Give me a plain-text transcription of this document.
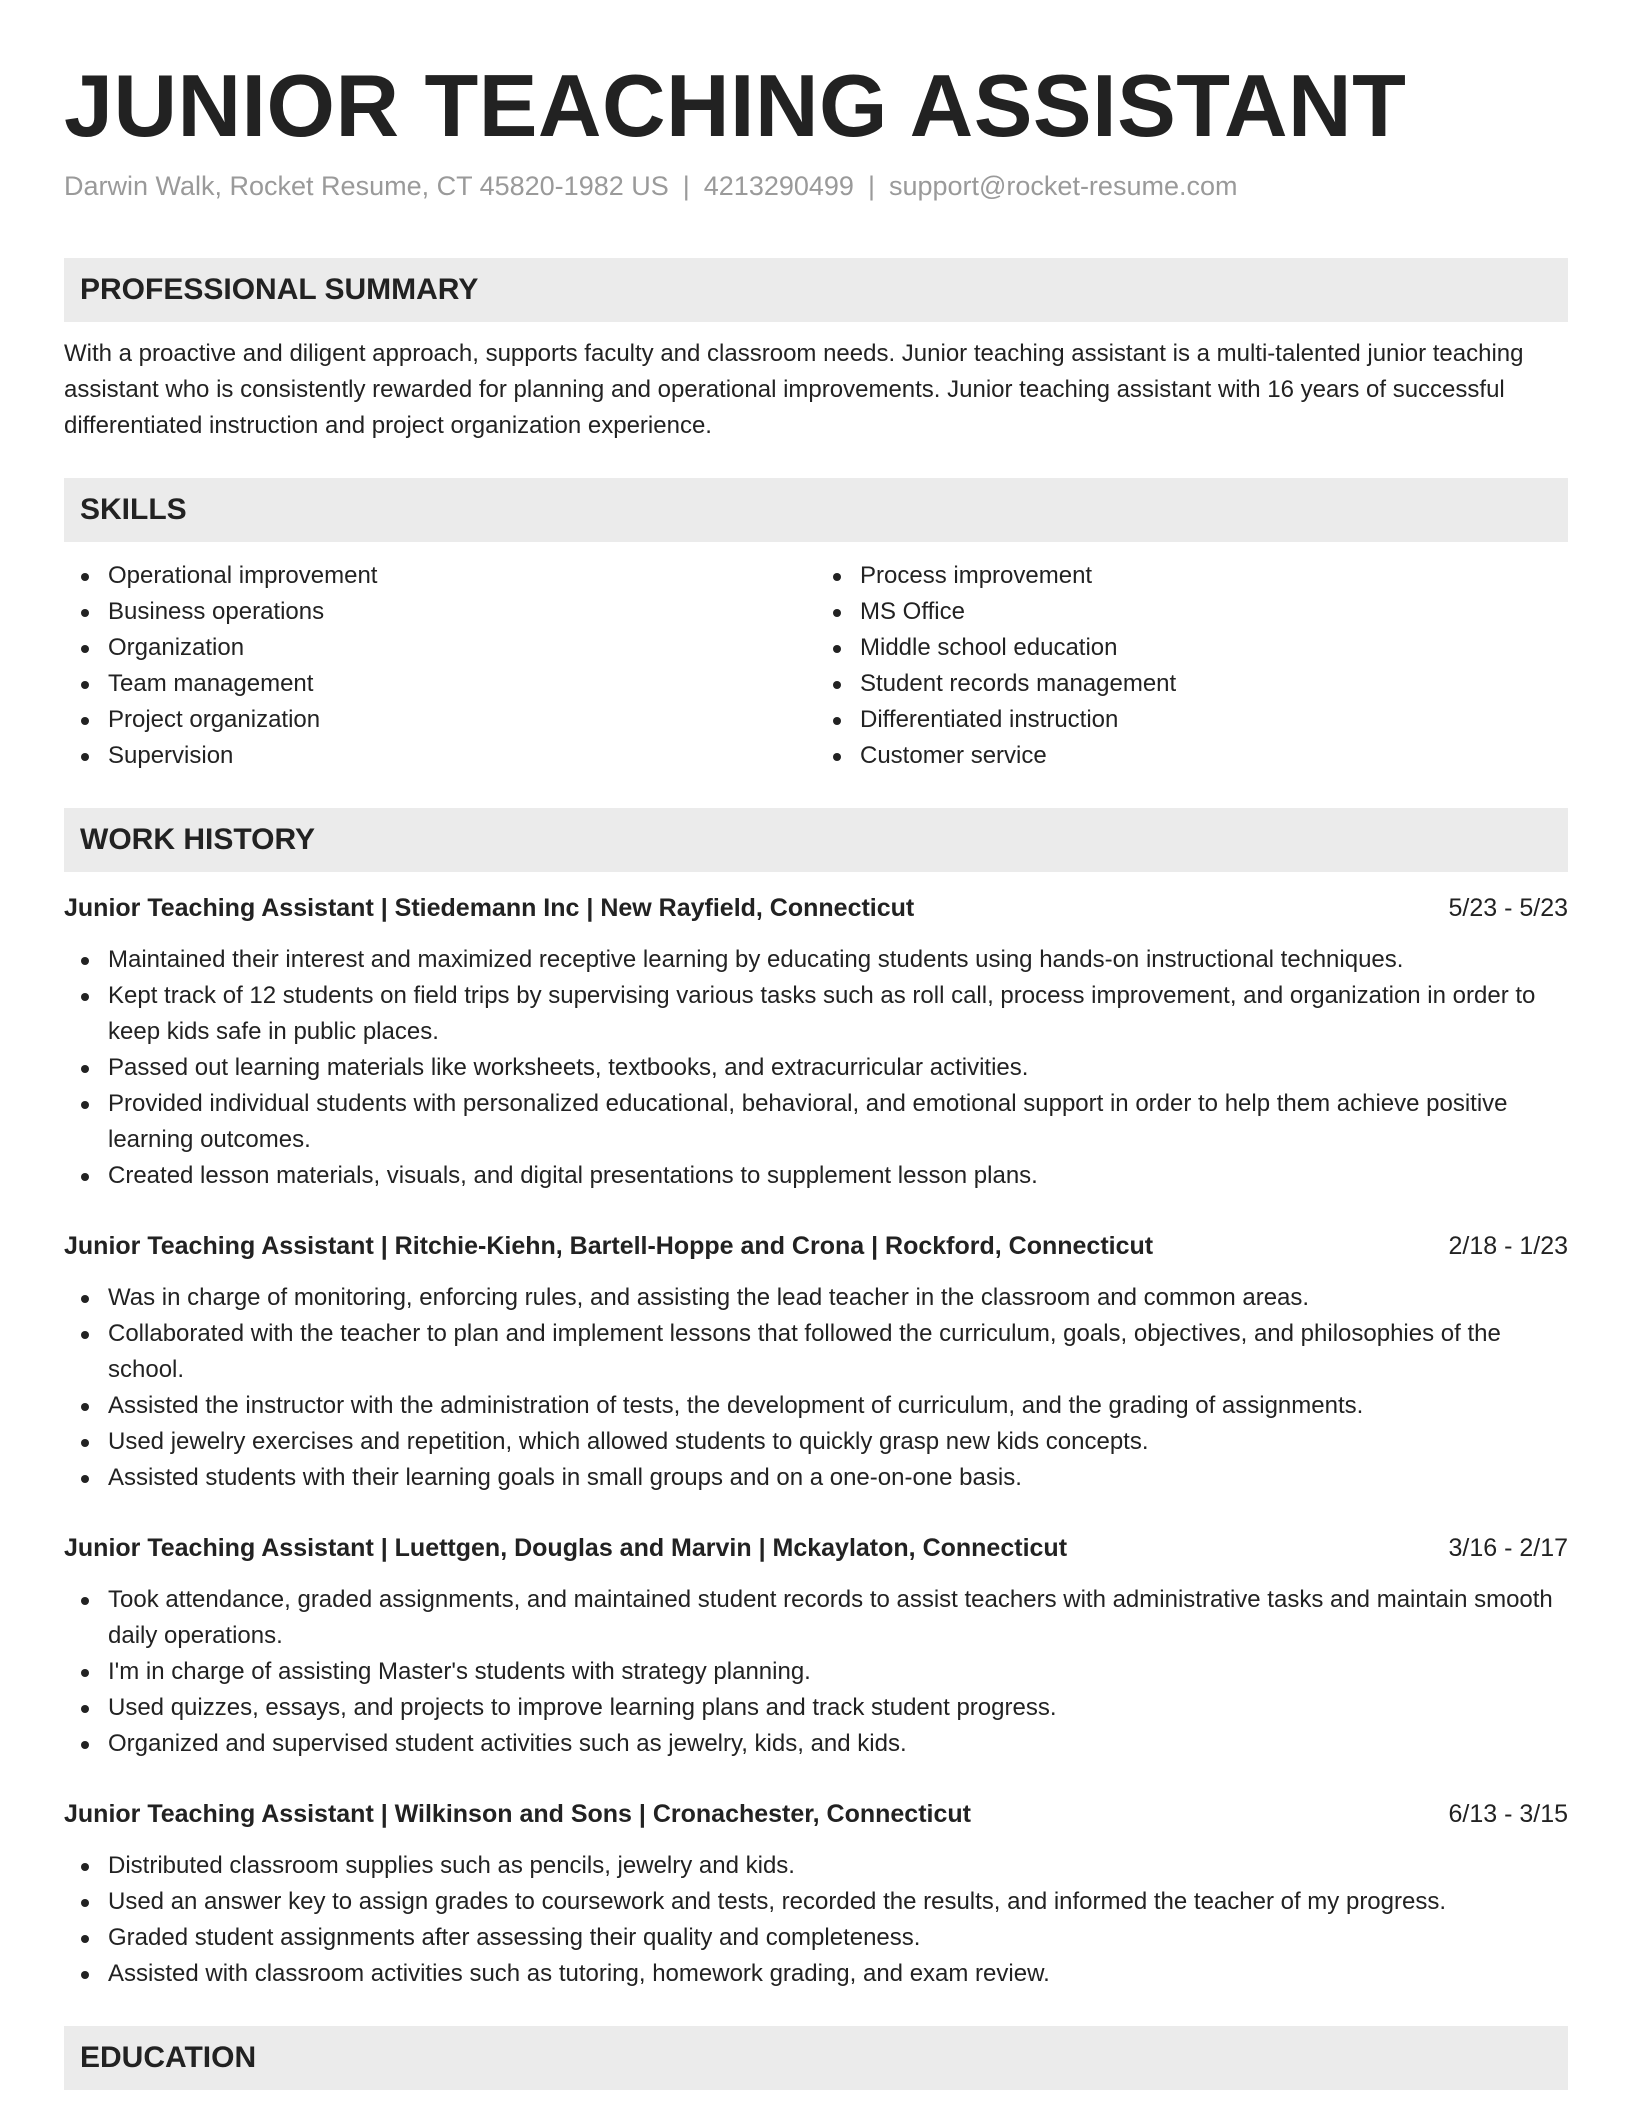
JUNIOR TEACHING ASSISTANT
Darwin Walk, Rocket Resume, CT 45820-1982 US | 4213290499 | support@rocket-resume.com
PROFESSIONAL SUMMARY
With a proactive and diligent approach, supports faculty and classroom needs. Junior teaching assistant is a multi-talented junior teaching assistant who is consistently rewarded for planning and operational improvements. Junior teaching assistant with 16 years of successful differentiated instruction and project organization experience.
SKILLS
Operational improvement
Business operations
Organization
Team management
Project organization
Supervision
Process improvement
MS Office
Middle school education
Student records management
Differentiated instruction
Customer service
WORK HISTORY
Junior Teaching Assistant | Stiedemann Inc | New Rayfield, Connecticut	5/23 - 5/23
Maintained their interest and maximized receptive learning by educating students using hands-on instructional techniques.
Kept track of 12 students on field trips by supervising various tasks such as roll call, process improvement, and organization in order to keep kids safe in public places.
Passed out learning materials like worksheets, textbooks, and extracurricular activities.
Provided individual students with personalized educational, behavioral, and emotional support in order to help them achieve positive learning outcomes.
Created lesson materials, visuals, and digital presentations to supplement lesson plans.
Junior Teaching Assistant | Ritchie-Kiehn, Bartell-Hoppe and Crona | Rockford, Connecticut	2/18 - 1/23
Was in charge of monitoring, enforcing rules, and assisting the lead teacher in the classroom and common areas.
Collaborated with the teacher to plan and implement lessons that followed the curriculum, goals, objectives, and philosophies of the school.
Assisted the instructor with the administration of tests, the development of curriculum, and the grading of assignments.
Used jewelry exercises and repetition, which allowed students to quickly grasp new kids concepts.
Assisted students with their learning goals in small groups and on a one-on-one basis.
Junior Teaching Assistant | Luettgen, Douglas and Marvin | Mckaylaton, Connecticut	3/16 - 2/17
Took attendance, graded assignments, and maintained student records to assist teachers with administrative tasks and maintain smooth daily operations.
I'm in charge of assisting Master's students with strategy planning.
Used quizzes, essays, and projects to improve learning plans and track student progress.
Organized and supervised student activities such as jewelry, kids, and kids.
Junior Teaching Assistant | Wilkinson and Sons | Cronachester, Connecticut	6/13 - 3/15
Distributed classroom supplies such as pencils, jewelry and kids.
Used an answer key to assign grades to coursework and tests, recorded the results, and informed the teacher of my progress.
Graded student assignments after assessing their quality and completeness.
Assisted with classroom activities such as tutoring, homework grading, and exam review.
EDUCATION
